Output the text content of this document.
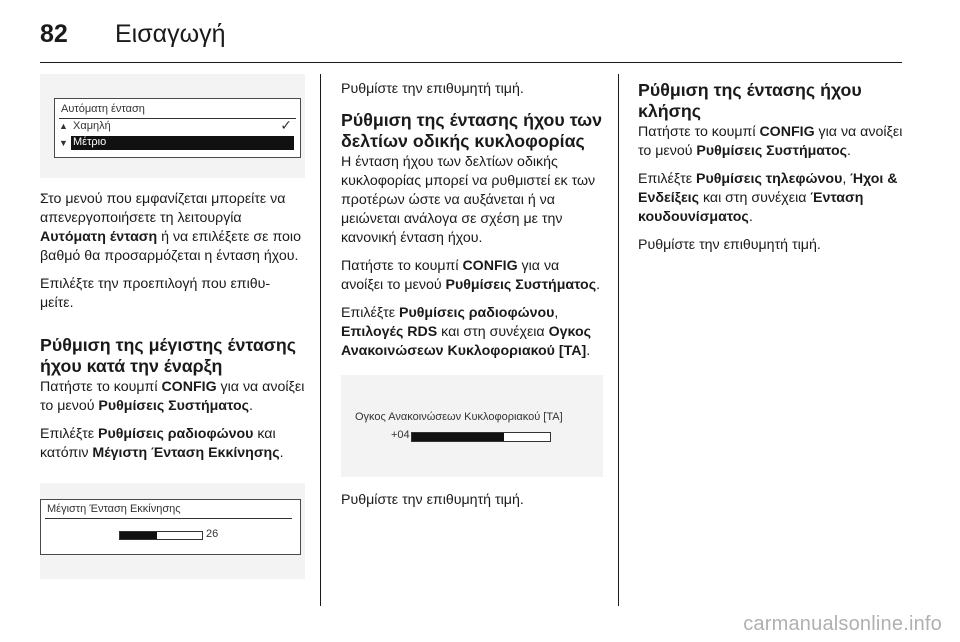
82	Εισαγωγή
Αυτόματη ένταση
▲ Χαμηλή	✓
▼ Μέτριο

Στο μενού που εμφανίζεται μπορείτε να απενεργοποιήσετε τη λειτουργία Αυτόματη ένταση ή να επιλέξετε σε ποιο βαθμό θα προσαρμόζεται η ένταση ήχου.

Επιλέξτε την προεπιλογή που επιθυ‐ μείτε.

Ρύθμιση της μέγιστης έντασης ήχου κατά την έναρξη

Πατήστε το κουμπί CONFIG για να ανοίξει το μενού Ρυθμίσεις Συστήματος.

Επιλέξτε Ρυθμίσεις ραδιοφώνου και κατόπιν Μέγιστη Ένταση Εκκίνησης.

Μέγιστη Ένταση Εκκίνησης
26

Ρυθμίστε την επιθυμητή τιμή.

Ρύθμιση της έντασης ήχου των δελτίων οδικής κυκλοφορίας

Η ένταση ήχου των δελτίων οδικής κυκλοφορίας μπορεί να ρυθμιστεί εκ των προτέρων ώστε να αυξάνεται ή να μειώνεται ανάλογα σε σχέση με την κανονική ένταση ήχου.

Πατήστε το κουμπί CONFIG για να ανοίξει το μενού Ρυθμίσεις Συστήματος.

Επιλέξτε Ρυθμίσεις ραδιοφώνου, Επιλογές RDS και στη συνέχεια Ογκος Ανακοινώσεων Κυκλοφοριακού [TA].

Ογκος Ανακοινώσεων Κυκλοφοριακού [TA]
+04

Ρυθμίστε την επιθυμητή τιμή.

Ρύθμιση της έντασης ήχου κλήσης

Πατήστε το κουμπί CONFIG για να ανοίξει το μενού Ρυθμίσεις Συστήματος.

Επιλέξτε Ρυθμίσεις τηλεφώνου, Ήχοι & Ενδείξεις και στη συνέχεια Ένταση κουδουνίσματος.

Ρυθμίστε την επιθυμητή τιμή.

carmanualsonline.info
